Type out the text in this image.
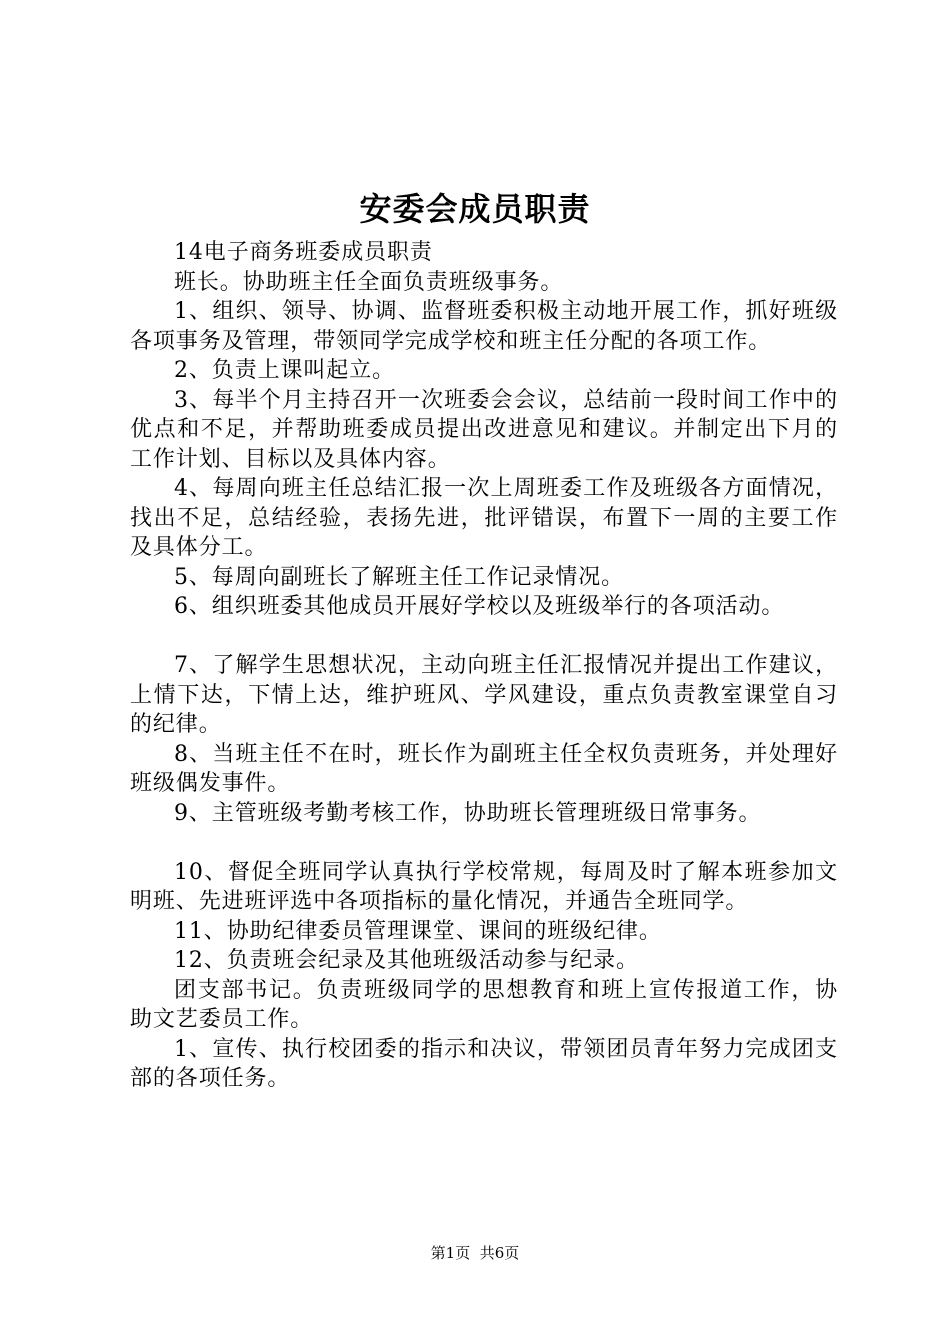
安委会成员职责

14电子商务班委成员职责

班长。协助班主任全面负责班级事务。

1、组织、领导、协调、监督班委积极主动地开展工作，抓好班级各项事务及管理，带领同学完成学校和班主任分配的各项工作。

2、负责上课叫起立。

3、每半个月主持召开一次班委会会议，总结前一段时间工作中的优点和不足，并帮助班委成员提出改进意见和建议。并制定出下月的工作计划、目标以及具体内容。

4、每周向班主任总结汇报一次上周班委工作及班级各方面情况，找出不足，总结经验，表扬先进，批评错误，布置下一周的主要工作及具体分工。

5、每周向副班长了解班主任工作记录情况。

6、组织班委其他成员开展好学校以及班级举行的各项活动。

7、了解学生思想状况，主动向班主任汇报情况并提出工作建议，上情下达，下情上达，维护班风、学风建设，重点负责教室课堂自习的纪律。

8、当班主任不在时，班长作为副班主任全权负责班务，并处理好班级偶发事件。

9、主管班级考勤考核工作，协助班长管理班级日常事务。

10、督促全班同学认真执行学校常规，每周及时了解本班参加文明班、先进班评选中各项指标的量化情况，并通告全班同学。

11、协助纪律委员管理课堂、课间的班级纪律。

12、负责班会纪录及其他班级活动参与纪录。

团支部书记。负责班级同学的思想教育和班上宣传报道工作，协助文艺委员工作。

1、宣传、执行校团委的指示和决议，带领团员青年努力完成团支部的各项任务。

第1页 共6页
